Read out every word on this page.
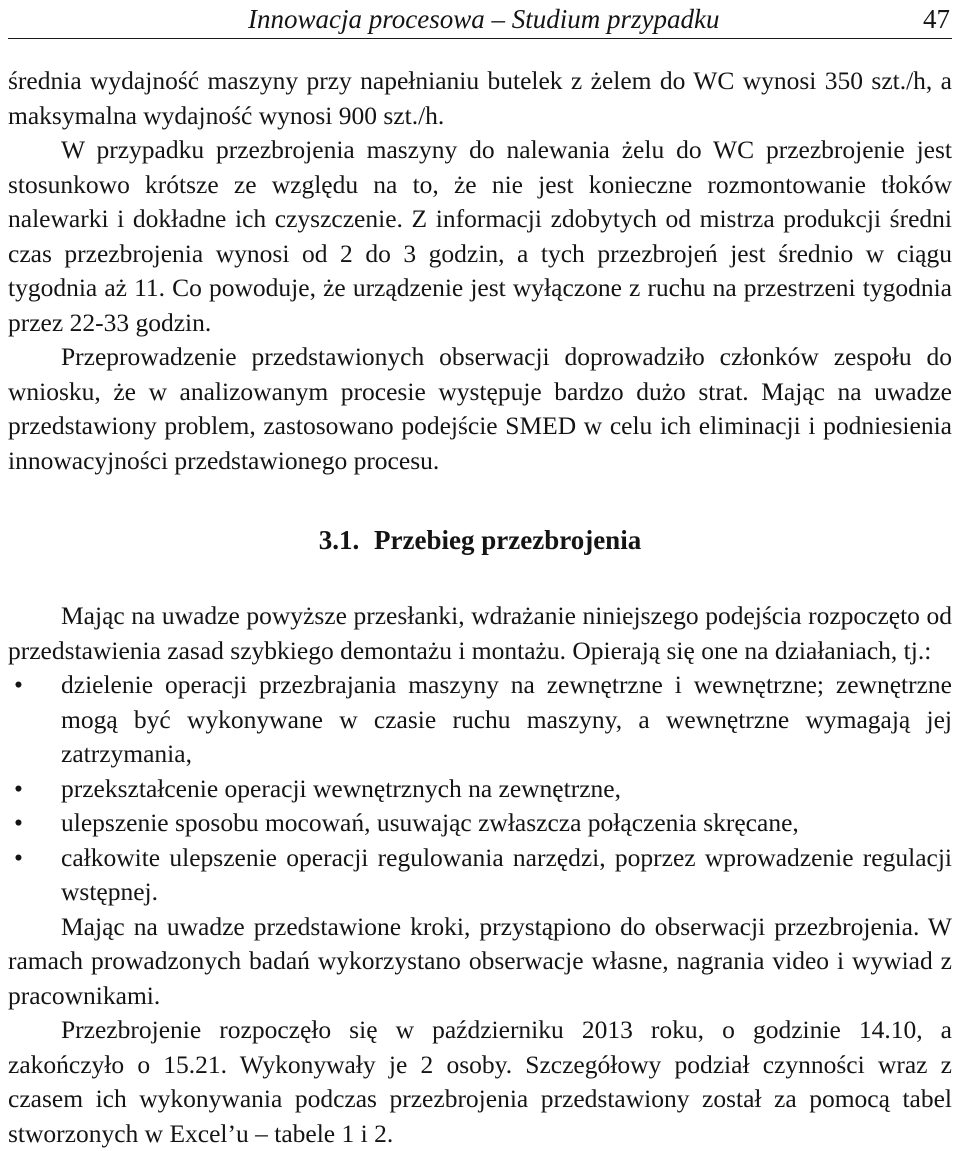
Innowacja procesowa – Studium przypadku	47

średnia wydajność maszyny przy napełnianiu butelek z żelem do WC wynosi 350 szt./h, a maksymalna wydajność wynosi 900 szt./h.

W przypadku przezbrojenia maszyny do nalewania żelu do WC przezbrojenie jest stosunkowo krótsze ze względu na to, że nie jest konieczne rozmontowanie tłoków nalewarki i dokładne ich czyszczenie. Z informacji zdobytych od mistrza produkcji średni czas przezbrojenia wynosi od 2 do 3 godzin, a tych przezbrojeń jest średnio w ciągu tygodnia aż 11. Co powoduje, że urządzenie jest wyłączone z ruchu na przestrzeni tygodnia przez 22-33 godzin.

Przeprowadzenie przedstawionych obserwacji doprowadziło członków zespołu do wniosku, że w analizowanym procesie występuje bardzo dużo strat. Mając na uwadze przedstawiony problem, zastosowano podejście SMED w celu ich eliminacji i podniesienia innowacyjności przedstawionego procesu.

3.1. Przebieg przezbrojenia

Mając na uwadze powyższe przesłanki, wdrażanie niniejszego podejścia rozpoczęto od przedstawienia zasad szybkiego demontażu i montażu. Opierają się one na działaniach, tj.:

• dzielenie operacji przezbrajania maszyny na zewnętrzne i wewnętrzne; zewnętrzne mogą być wykonywane w czasie ruchu maszyny, a wewnętrzne wymagają jej zatrzymania,
• przekształcenie operacji wewnętrznych na zewnętrzne,
• ulepszenie sposobu mocowań, usuwając zwłaszcza połączenia skręcane,
• całkowite ulepszenie operacji regulowania narzędzi, poprzez wprowadzenie regulacji wstępnej.

Mając na uwadze przedstawione kroki, przystąpiono do obserwacji przezbrojenia. W ramach prowadzonych badań wykorzystano obserwacje własne, nagrania video i wywiad z pracownikami.

Przezbrojenie rozpoczęło się w październiku 2013 roku, o godzinie 14.10, a zakończyło o 15.21. Wykonywały je 2 osoby. Szczegółowy podział czynności wraz z czasem ich wykonywania podczas przezbrojenia przedstawiony został za pomocą tabel stworzonych w Excel’u – tabele 1 i 2.
